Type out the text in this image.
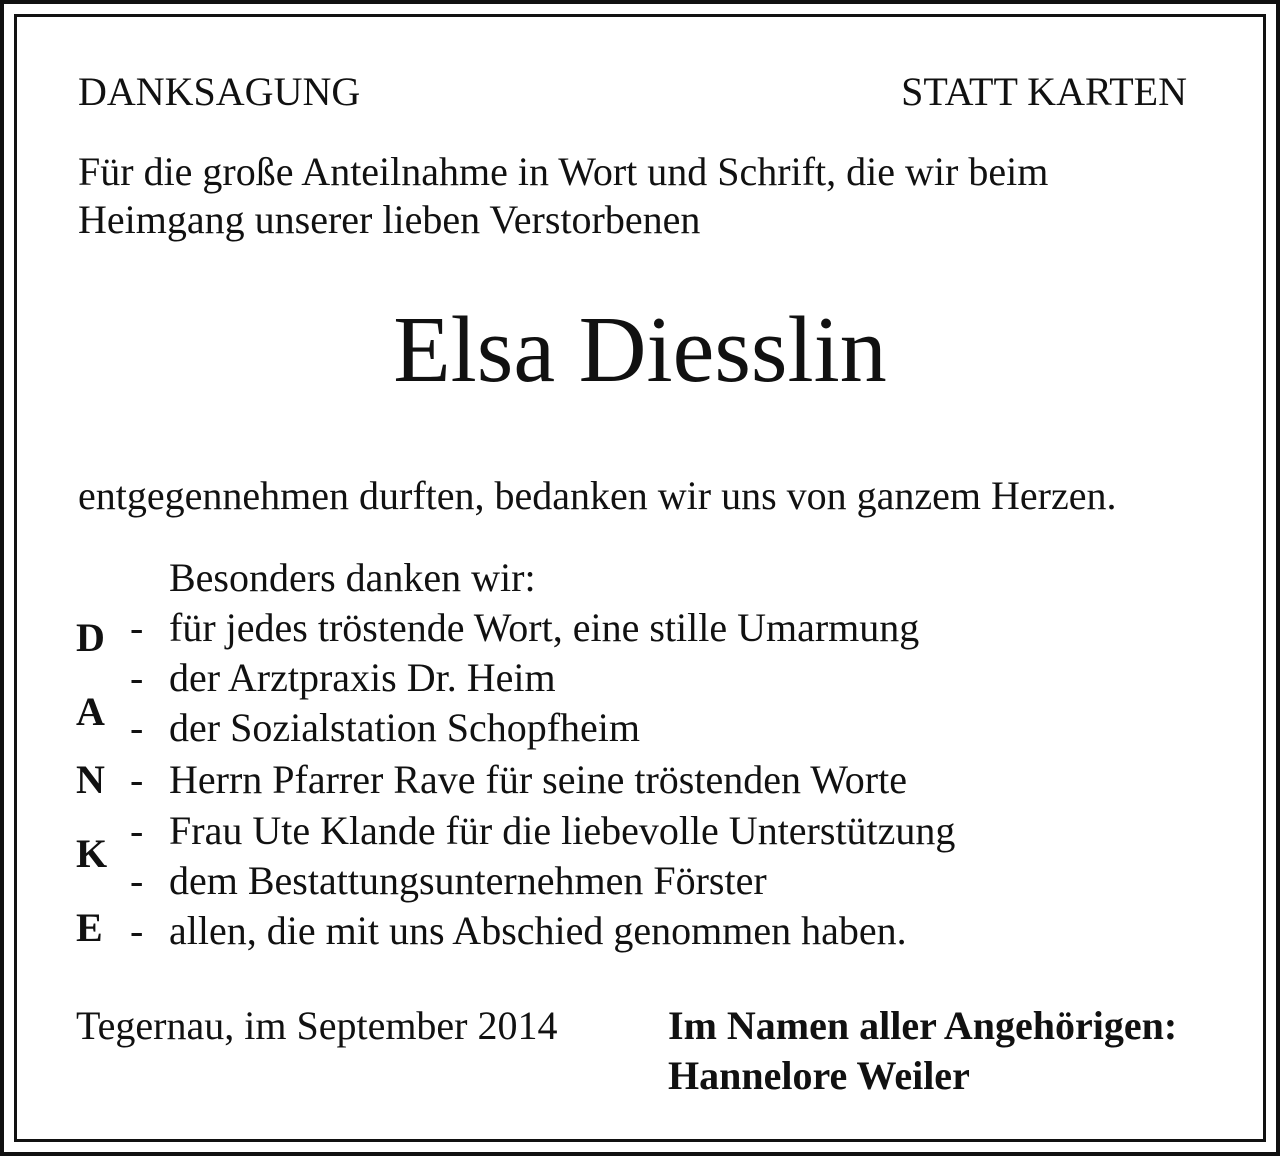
DANKSAGUNG	STATT KARTEN
Für die große Anteilnahme in Wort und Schrift, die wir beim
Heimgang unserer lieben Verstorbenen
Elsa Diesslin
entgegennehmen durften, bedanken wir uns von ganzem Herzen.
Besonders danken wir:
- für jedes tröstende Wort, eine stille Umarmung
- der Arztpraxis Dr. Heim
- der Sozialstation Schopfheim
- Herrn Pfarrer Rave für seine tröstenden Worte
- Frau Ute Klande für die liebevolle Unterstützung
- dem Bestattungsunternehmen Förster
- allen, die mit uns Abschied genommen haben.
D
A
N
K
E
Tegernau, im September 2014	Im Namen aller Angehörigen:
Hannelore Weiler
